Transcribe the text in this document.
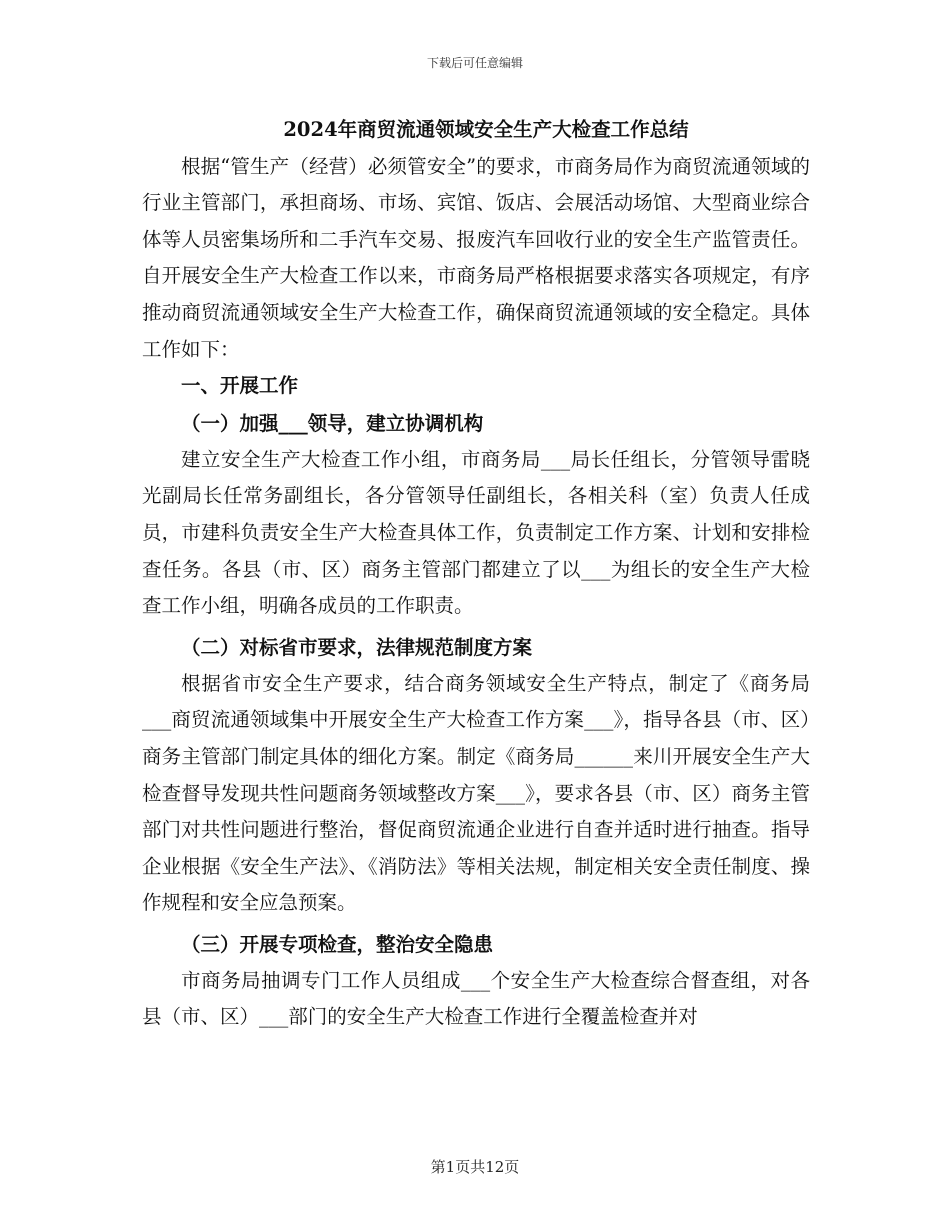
下载后可任意编辑
2024年商贸流通领域安全生产大检查工作总结

根据“管生产（经营）必须管安全”的要求，市商务局作为商贸流通领域的行业主管部门，承担商场、市场、宾馆、饭店、会展活动场馆、大型商业综合体等人员密集场所和二手汽车交易、报废汽车回收行业的安全生产监管责任。自开展安全生产大检查工作以来，市商务局严格根据要求落实各项规定，有序推动商贸流通领域安全生产大检查工作，确保商贸流通领域的安全稳定。具体工作如下：

一、开展工作

（一）加强___领导，建立协调机构

建立安全生产大检查工作小组，市商务局___局长任组长，分管领导雷晓光副局长任常务副组长，各分管领导任副组长，各相关科（室）负责人任成员，市建科负责安全生产大检查具体工作，负责制定工作方案、计划和安排检查任务。各县（市、区）商务主管部门都建立了以___为组长的安全生产大检查工作小组，明确各成员的工作职责。

（二）对标省市要求，法律规范制度方案

根据省市安全生产要求，结合商务领域安全生产特点，制定了《商务局___商贸流通领域集中开展安全生产大检查工作方案___》，指导各县（市、区）商务主管部门制定具体的细化方案。制定《商务局______来川开展安全生产大检查督导发现共性问题商务领域整改方案___》，要求各县（市、区）商务主管部门对共性问题进行整治，督促商贸流通企业进行自查并适时进行抽查。指导企业根据《安全生产法》、《消防法》等相关法规，制定相关安全责任制度、操作规程和安全应急预案。

（三）开展专项检查，整治安全隐患

市商务局抽调专门工作人员组成___个安全生产大检查综合督查组，对各县（市、区）___部门的安全生产大检查工作进行全覆盖检查并对

第1页共12页
